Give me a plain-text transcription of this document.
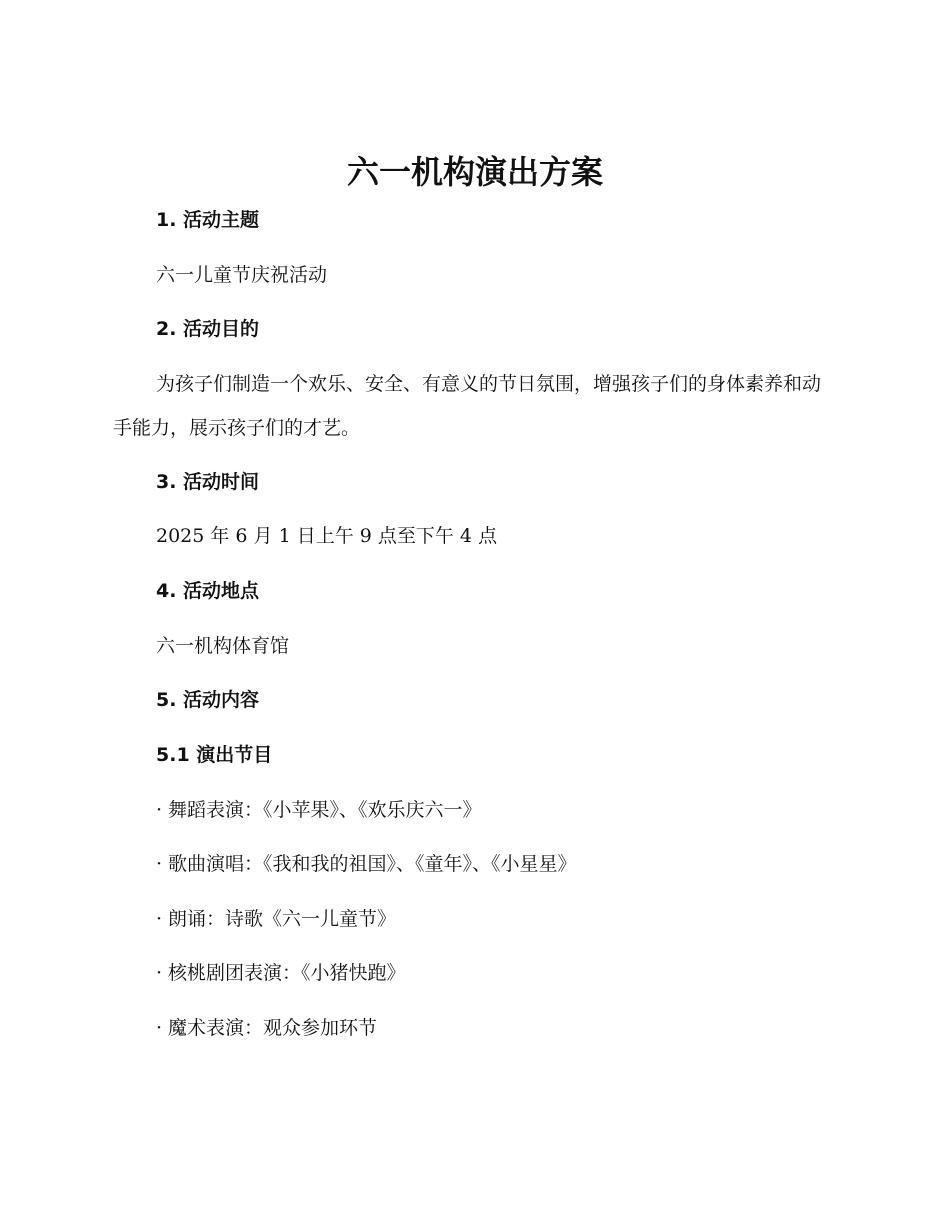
六一机构演出方案
1. 活动主题
六一儿童节庆祝活动
2. 活动目的
为孩子们制造一个欢乐、安全、有意义的节日氛围，增强孩子们的身体素养和动手能力，展示孩子们的才艺。
3. 活动时间
2025 年 6 月 1 日上午 9 点至下午 4 点
4. 活动地点
六一机构体育馆
5. 活动内容
5.1 演出节目
· 舞蹈表演：《小苹果》、《欢乐庆六一》
· 歌曲演唱：《我和我的祖国》、《童年》、《小星星》
· 朗诵：诗歌《六一儿童节》
· 核桃剧团表演：《小猪快跑》
· 魔术表演：观众参加环节
